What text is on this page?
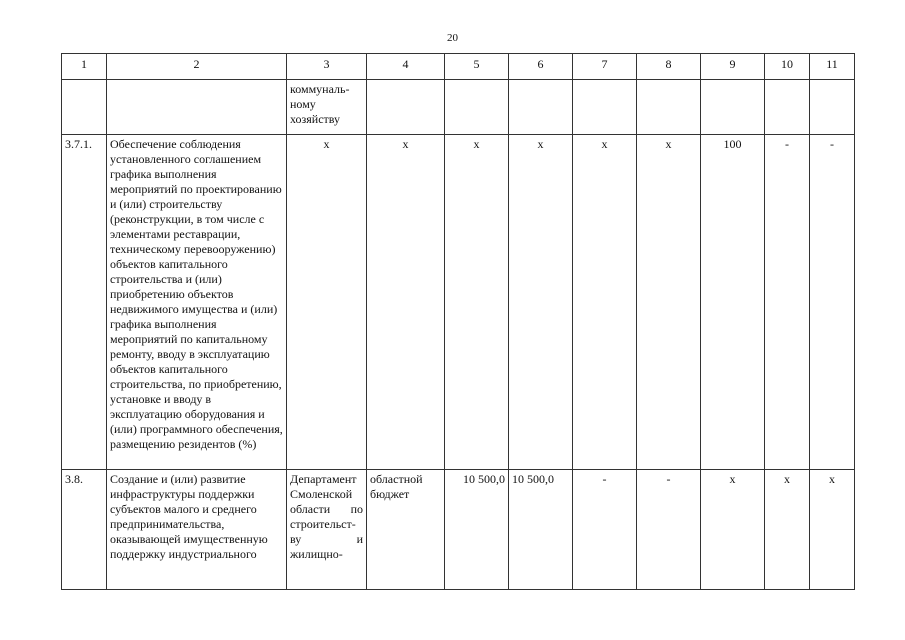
20
1	2	3	4	5	6	7	8	9	10	11
		коммуналь-
ному
хозяйству								
3.7.1.	Обеспечение соблюдения установленного соглашением графика выполнения мероприятий по проектированию и (или) строительству (реконструкции, в том числе с элементами реставрации, техническому перевооружению) объектов капитального строительства и (или) приобретению объектов недвижимого имущества и (или) графика выполнения мероприятий по капитальному ремонту, вводу в эксплуатацию объектов капитального строительства, по приобретению, установке и вводу в эксплуатацию оборудования и (или) программного обеспечения, размещению резидентов (%)	х	х	х	х	х	х	100	-	-
3.8.	Создание и (или) развитие инфраструктуры поддержки субъектов малого и среднего предпринимательства, оказывающей имущественную поддержку индустриального	Департамент Смоленской области по строительст-ву и жилищно-	областной бюджет	10 500,0	10 500,0	-	-	х	х	х
